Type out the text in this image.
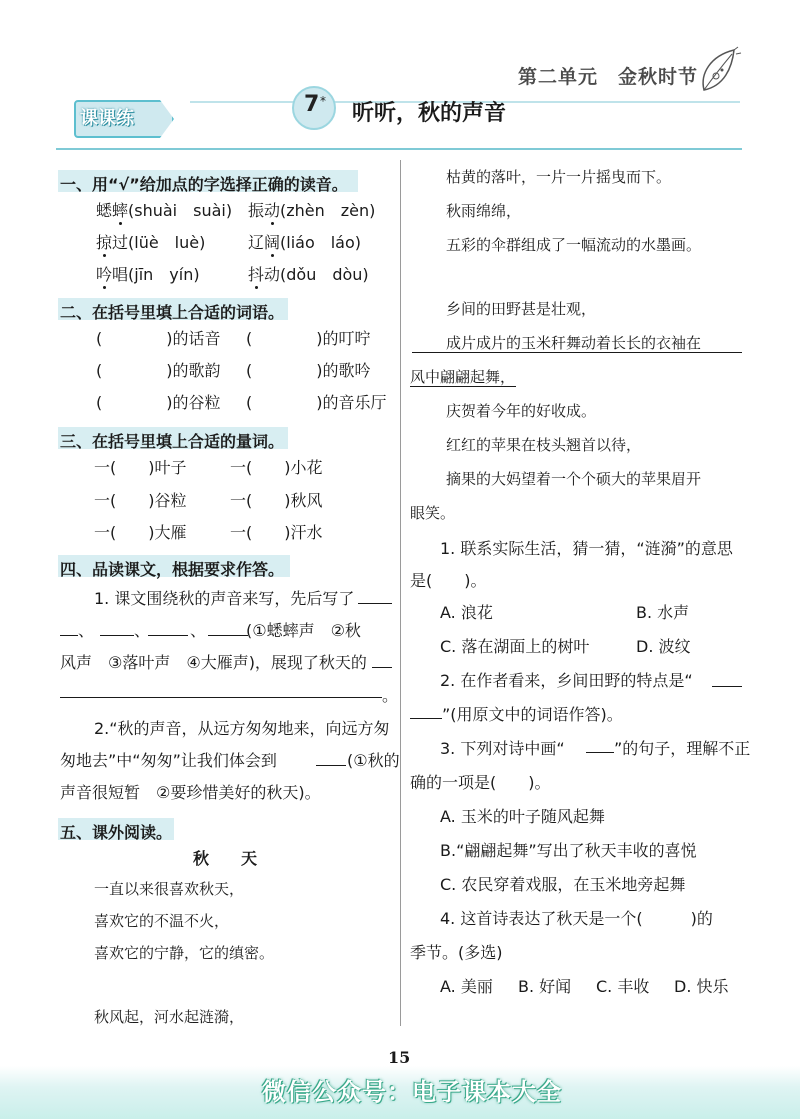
第二单元　金秋时节
课课练
7 * 听听，秋的声音
一、用“√”给加点的字选择正确的读音。
蟋蟀(shuài　suài) 振动(zhèn　zèn)
掠过(lüè　luè)	辽阔(liáo　láo)
吟唱(jīn　yín)	抖动(dǒu　dòu)
二、在括号里填上合适的词语。
(　　　　)的话音 (　　　　)的叮咛
(　　　　)的歌韵 (　　　　)的歌吟
(　　　　)的谷粒 (　　　　)的音乐厅
三、在括号里填上合适的量词。
一(　　)叶子	一(　　)小花
一(　　)谷粒	一(　　)秋风
一(　　)大雁	一(　　)汗水
四、品读课文，根据要求作答。
1. 课文围绕秋的声音来写，先后写了
、　　　、　　　、　　　(①蟋蟀声　②秋
风声　③落叶声　④大雁声)，展现了秋天的
。
2.“秋的声音，从远方匆匆地来，向远方匆
匆地去”中“匆匆”让我们体会到	(①秋的
声音很短暂　②要珍惜美好的秋天)。
五、课外阅读。
秋　　天
一直以来很喜欢秋天，
喜欢它的不温不火，
喜欢它的宁静，它的缜密。
秋风起，河水起涟漪，
枯黄的落叶，一片一片摇曳而下。
秋雨绵绵，
五彩的伞群组成了一幅流动的水墨画。
乡间的田野甚是壮观，
成片成片的玉米秆舞动着长长的衣袖在
风中翩翩起舞，
庆贺着今年的好收成。
红红的苹果在枝头翘首以待，
摘果的大妈望着一个个硕大的苹果眉开
眼笑。
1. 联系实际生活，猜一猜，“涟漪”的意思
是(　　)。
A. 浪花	B. 水声
C. 落在湖面上的树叶	D. 波纹
2. 在作者看来，乡间田野的特点是“
”(用原文中的词语作答)。
3. 下列对诗中画“	”的句子，理解不正
确的一项是(　　)。
A. 玉米的叶子随风起舞
B.“翩翩起舞”写出了秋天丰收的喜悦
C. 农民穿着戏服，在玉米地旁起舞
4. 这首诗表达了秋天是一个(　　　)的
季节。(多选)
A. 美丽 B. 好闻 C. 丰收 D. 快乐
15
微信公众号：电子课本大全
